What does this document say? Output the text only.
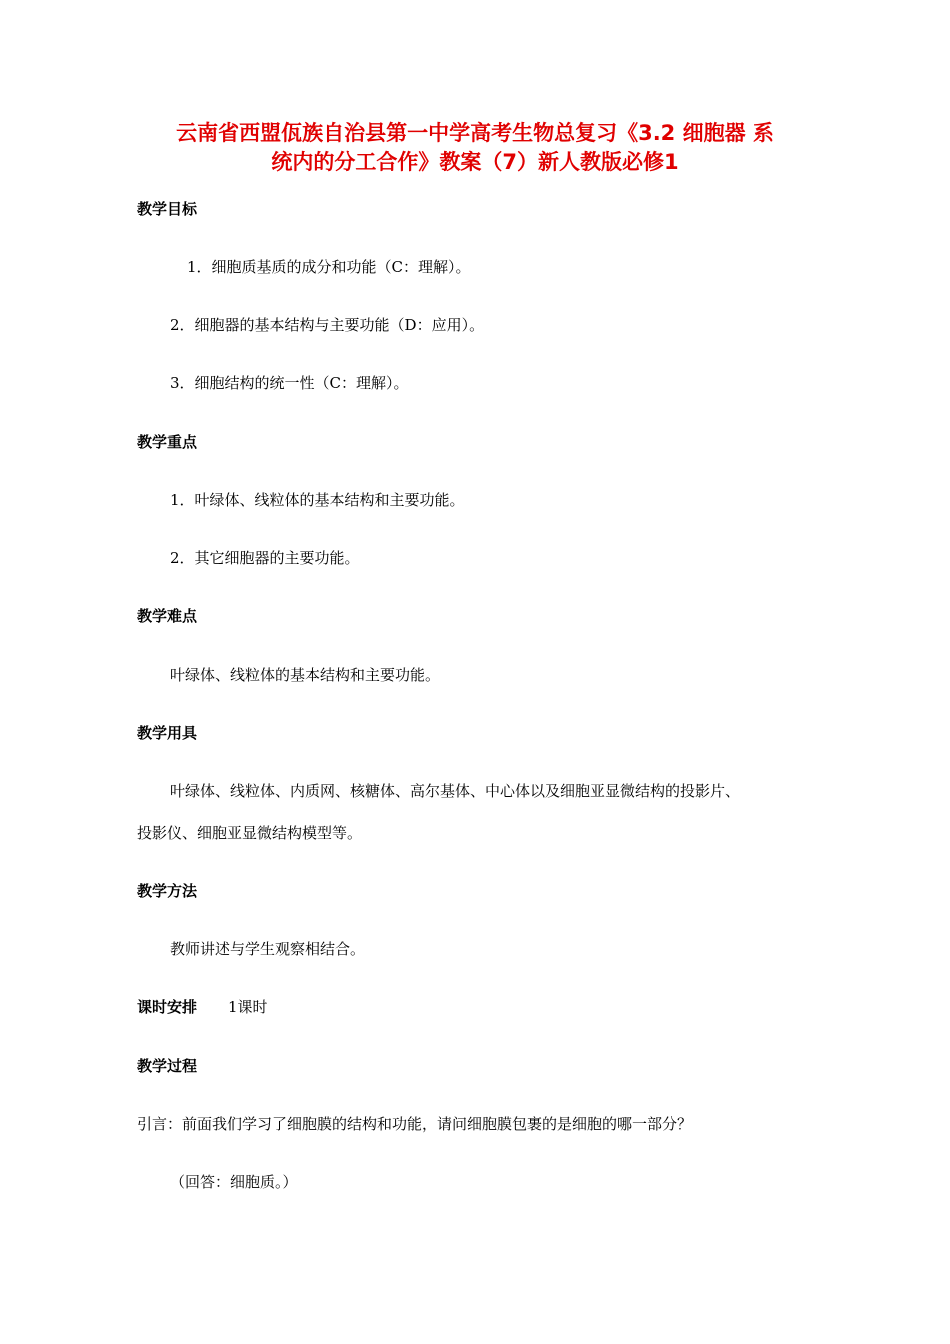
云南省西盟佤族自治县第一中学高考生物总复习《3.2 细胞器 系
统内的分工合作》教案（7）新人教版必修1
教学目标
1．细胞质基质的成分和功能（C：理解）。
2．细胞器的基本结构与主要功能（D：应用）。
3．细胞结构的统一性（C：理解）。
教学重点
1．叶绿体、线粒体的基本结构和主要功能。
2．其它细胞器的主要功能。
教学难点
叶绿体、线粒体的基本结构和主要功能。
教学用具
叶绿体、线粒体、内质网、核糖体、高尔基体、中心体以及细胞亚显微结构的投影片、
投影仪、细胞亚显微结构模型等。
教学方法
教师讲述与学生观察相结合。
课时安排 1课时
教学过程
引言：前面我们学习了细胞膜的结构和功能，请问细胞膜包裹的是细胞的哪一部分？
（回答：细胞质。）
